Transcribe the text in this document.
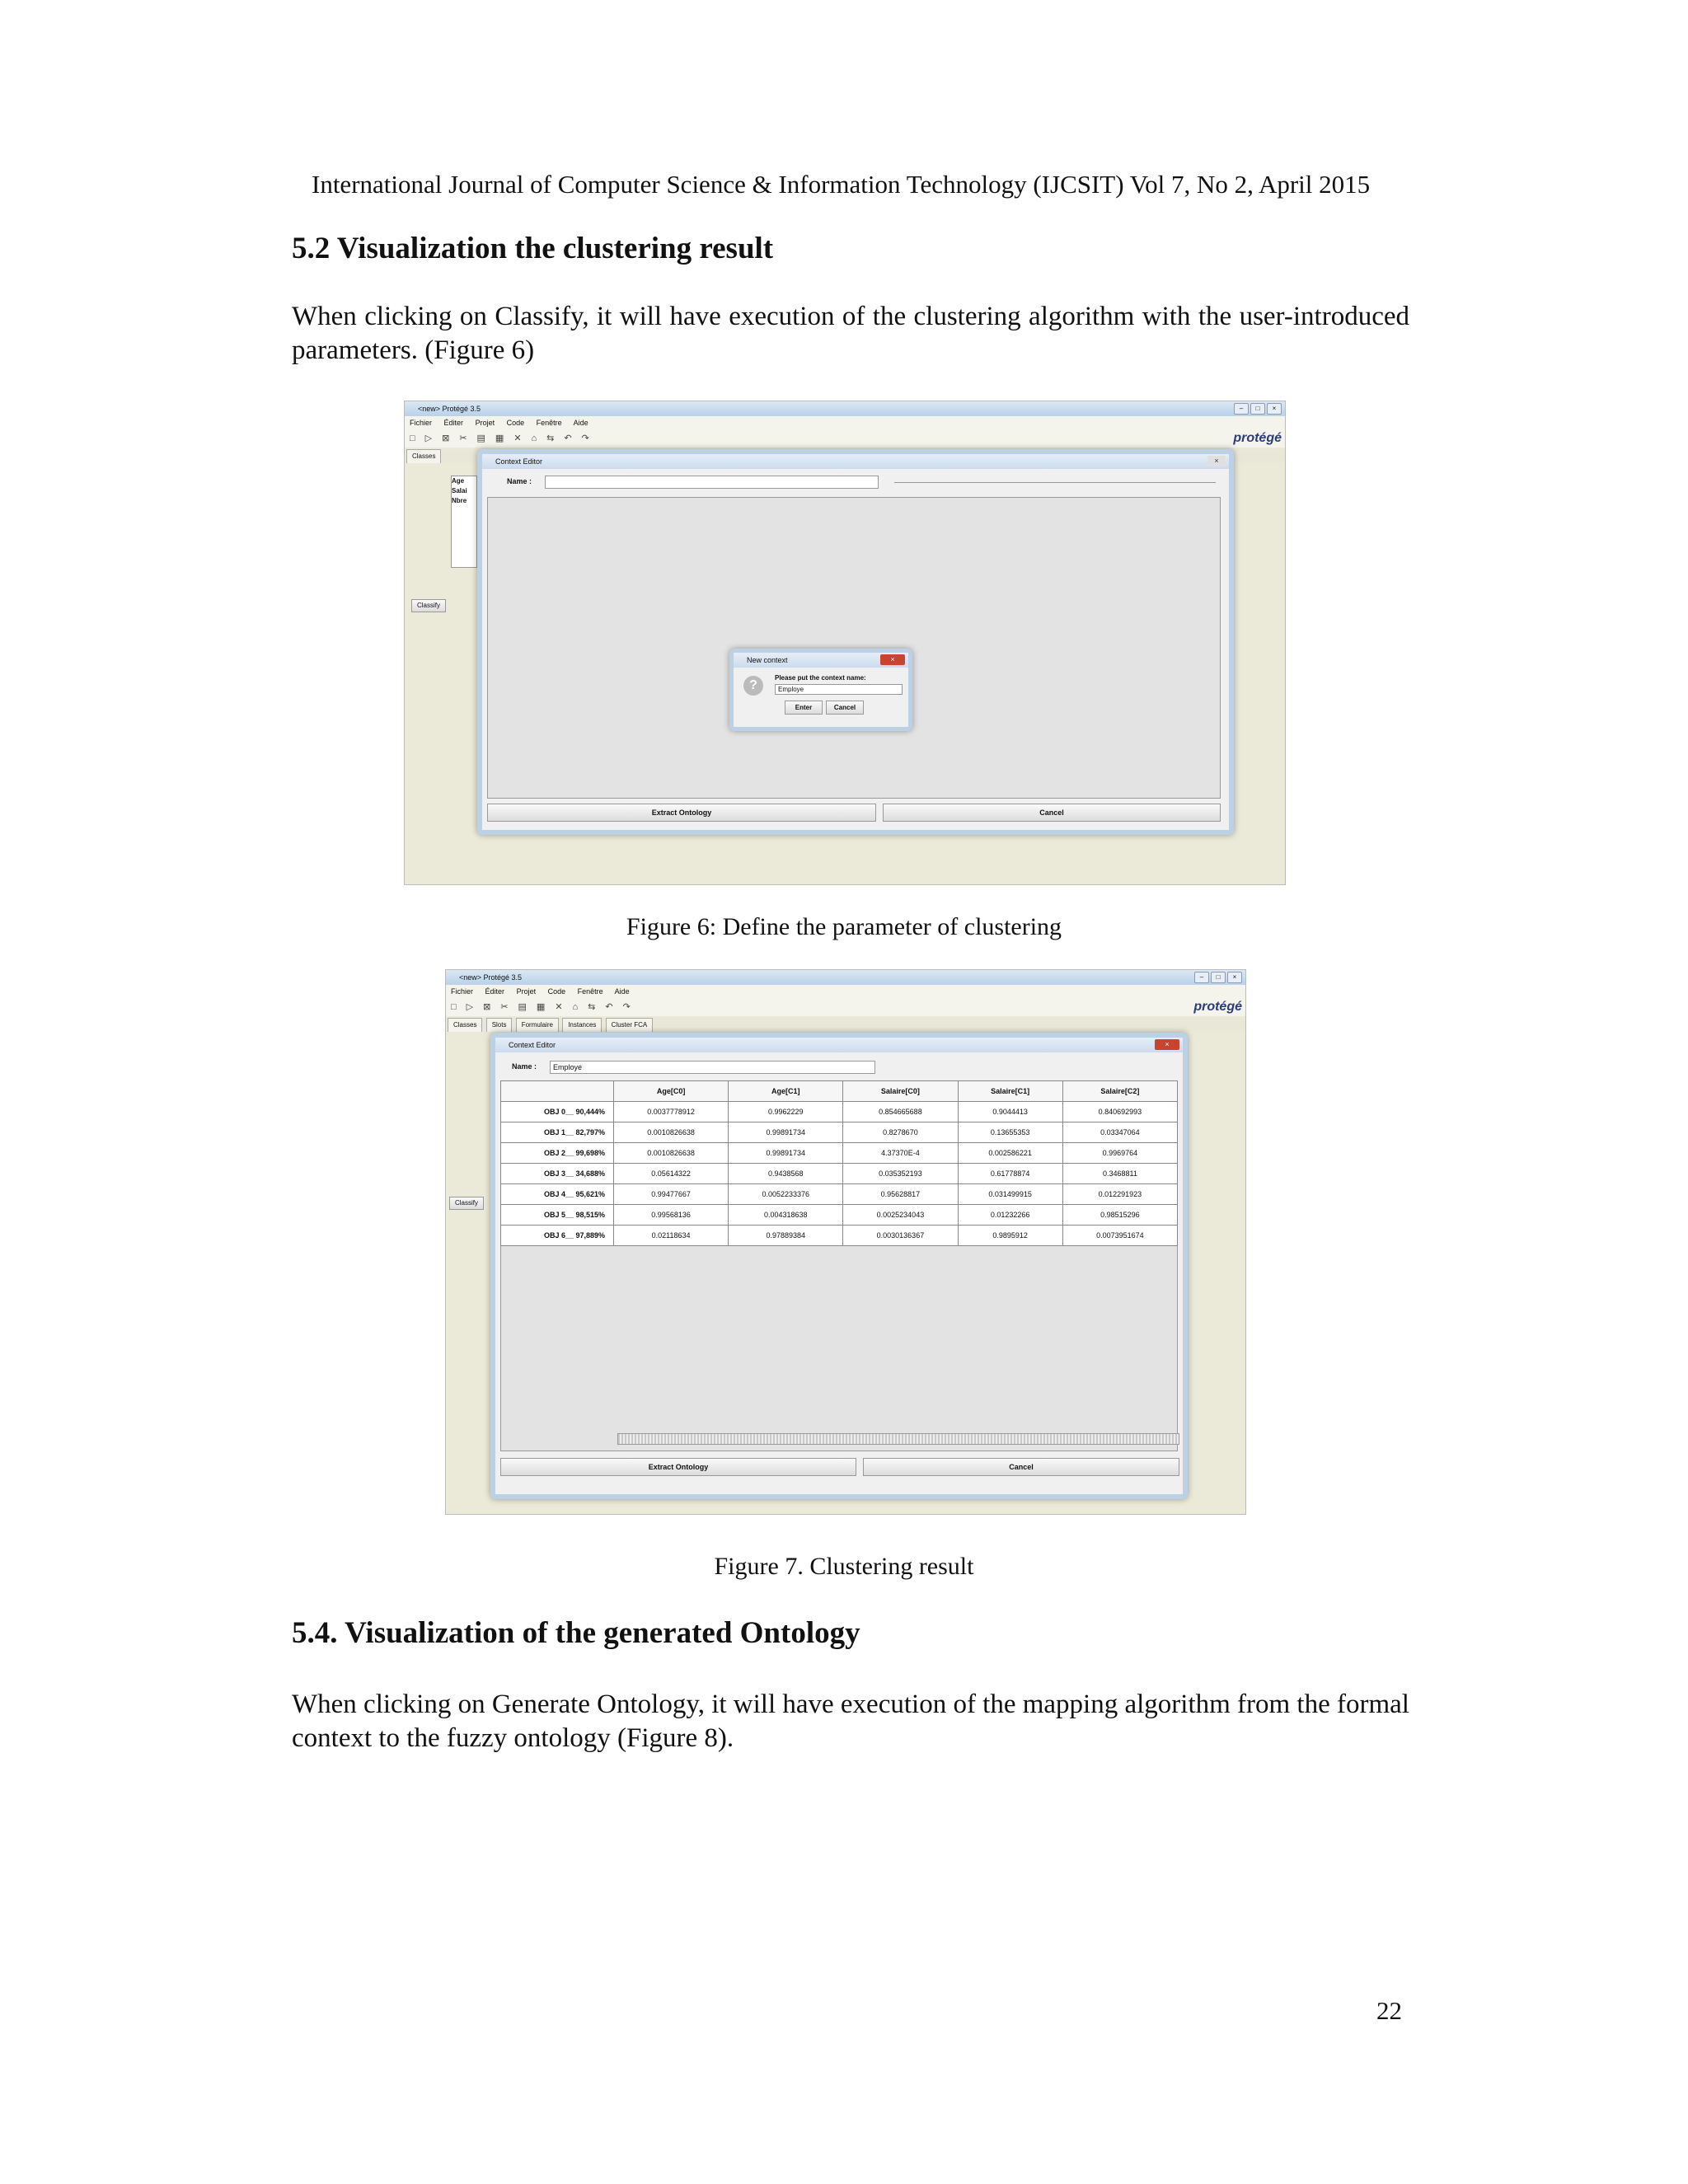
International Journal of Computer Science & Information Technology (IJCSIT) Vol 7, No 2, April 2015
5.2 Visualization the clustering result
When clicking on Classify, it will have execution of the clustering algorithm with the user-introduced parameters. (Figure 6)
<new> Protégé 3.5	–	□	×
Fichier Éditer Projet Code Fenêtre Aide
□▷⊠✂▤▦✕⌂⇆↶↷	protégé
Classes
Age
Salai
Nbre
Classify
Context Editor	×
Name :
Extract Ontology	Cancel
New context	×
?
Please put the context name:
Employe
Enter	Cancel
Figure 6: Define the parameter of clustering
<new> Protégé 3.5	–	□	×
Fichier Éditer Projet Code Fenêtre Aide
□▷⊠✂▤▦✕⌂⇆↶↷	protégé
Classes Slots Formulaire Instances Cluster FCA
Classify
Context Editor	×
Name :	Employe
	Age[C0]	Age[C1]	Salaire[C0]	Salaire[C1]	Salaire[C2]
OBJ 0__ 90,444%	0.0037778912	0.9962229	0.854665688	0.9044413	0.840692993
OBJ 1__ 82,797%	0.0010826638	0.99891734	0.8278670	0.13655353	0.03347064
OBJ 2__ 99,698%	0.0010826638	0.99891734	4.37370E-4	0.002586221	0.9969764
OBJ 3__ 34,688%	0.05614322	0.9438568	0.035352193	0.61778874	0.3468811
OBJ 4__ 95,621%	0.99477667	0.0052233376	0.95628817	0.031499915	0.012291923
OBJ 5__ 98,515%	0.99568136	0.004318638	0.0025234043	0.01232266	0.98515296
OBJ 6__ 97,889%	0.02118634	0.97889384	0.0030136367	0.9895912	0.0073951674
Extract Ontology	Cancel
Figure 7. Clustering result
5.4. Visualization of the generated Ontology
When clicking on Generate Ontology, it will have execution of the mapping algorithm from the formal context to the fuzzy ontology (Figure 8).
22
